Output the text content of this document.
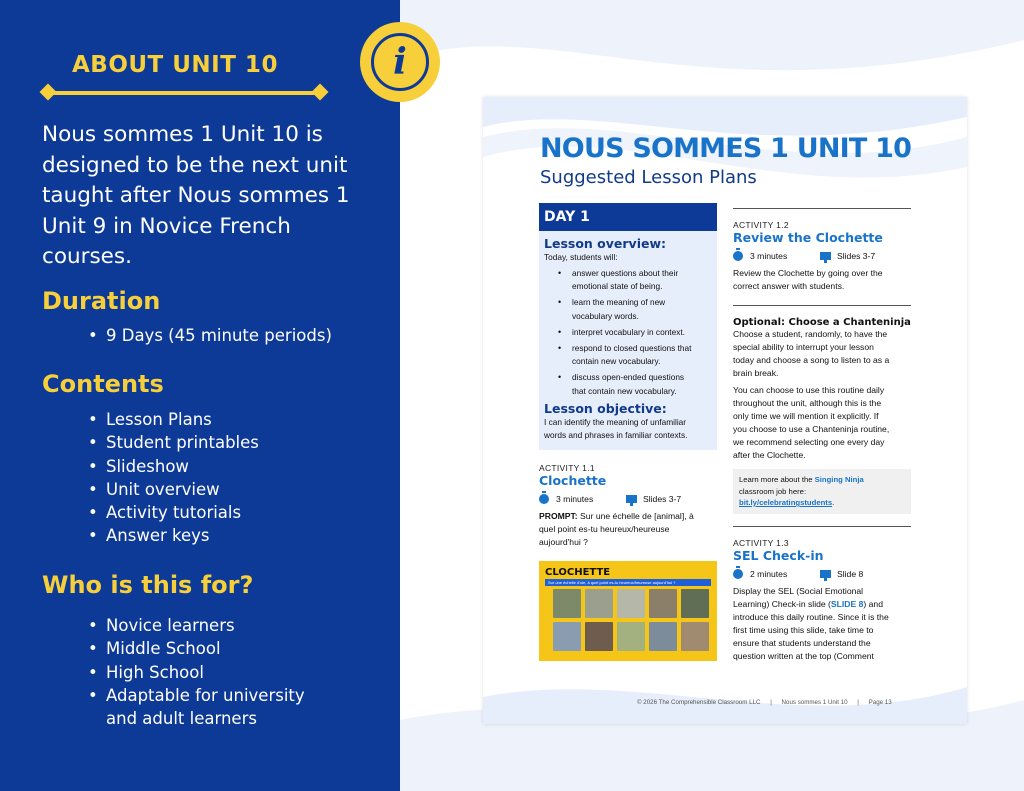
ABOUT UNIT 10
Nous sommes 1 Unit 10 is
designed to be the next unit
taught after Nous sommes 1
Unit 9 in Novice French
courses.
Duration
• 9 Days (45 minute periods)
Contents
• Lesson Plans
• Student printables
• Slideshow
• Unit overview
• Activity tutorials
• Answer keys
Who is this for?
• Novice learners
• Middle School
• High School
• Adaptable for university
and adult learners
i
NOUS SOMMES 1 UNIT 10
Suggested Lesson Plans
DAY 1
Lesson overview:
Today, students will:
• answer questions about their
emotional state of being.
• learn the meaning of new
vocabulary words.
• interpret vocabulary in context.
• respond to closed questions that
contain new vocabulary.
• discuss open-ended questions
that contain new vocabulary.
Lesson objective:
I can identify the meaning of unfamiliar
words and phrases in familiar contexts.
ACTIVITY 1.1
Clochette
3 minutes	Slides 3-7
PROMPT: Sur une échelle de [animal], à
quel point es-tu heureux/heureuse
aujourd'hui ?
CLOCHETTE
Sur une échelle d'oie, à quel point es-tu heureux/heureuse aujourd'hui ?
ACTIVITY 1.2
Review the Clochette
3 minutes	Slides 3-7
Review the Clochette by going over the
correct answer with students.
Optional: Choose a Chanteninja
Choose a student, randomly, to have the
special ability to interrupt your lesson
today and choose a song to listen to as a
brain break.
You can choose to use this routine daily
throughout the unit, although this is the
only time we will mention it explicitly. If
you choose to use a Chanteninja routine,
we recommend selecting one every day
after the Clochette.
Learn more about the Singing Ninja
classroom job here:
bit.ly/celebratingstudents.
ACTIVITY 1.3
SEL Check-in
2 minutes	Slide 8
Display the SEL (Social Emotional
Learning) Check-in slide (SLIDE 8) and
introduce this daily routine. Since it is the
first time using this slide, take time to
ensure that students understand the
question written at the top (Comment
© 2026 The Comprehensible Classroom LLC | Nous sommes 1 Unit 10 | Page 13
